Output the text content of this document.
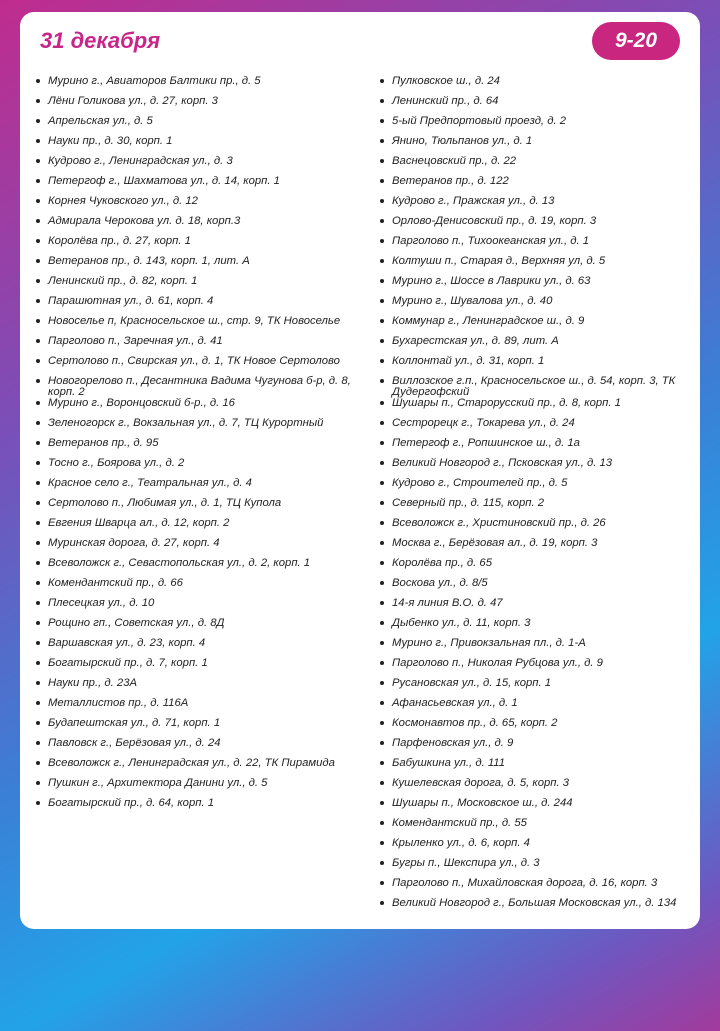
31 декабря	9-20
Мурино г., Авиаторов Балтики пр., д. 5
Лёни Голикова ул., д. 27, корп. 3
Апрельская ул., д. 5
Науки пр., д. 30, корп. 1
Кудрово г., Ленинградская ул., д. 3
Петергоф г., Шахматова ул., д. 14, корп. 1
Корнея Чуковского ул., д. 12
Адмирала Черокова ул. д. 18, корп.3
Королёва пр., д. 27, корп. 1
Ветеранов пр., д. 143, корп. 1, лит. А
Ленинский пр., д. 82, корп. 1
Парашютная ул., д. 61, корп. 4
Новоселье п, Красносельское ш., стр. 9, ТК Новоселье
Парголово п., Заречная ул., д. 41
Сертолово п., Свирская ул., д. 1, ТК Новое Сертолово
Новогорелово п., Десантника Вадима Чугунова б-р, д. 8, корп. 2
Мурино г., Воронцовский б-р., д. 16
Зеленогорск г., Вокзальная ул., д. 7, ТЦ Курортный
Ветеранов пр., д. 95
Тосно г., Боярова ул., д. 2
Красное село г., Театральная ул., д. 4
Сертолово п., Любимая ул., д. 1, ТЦ Купола
Евгения Шварца ал., д. 12, корп. 2
Муринская дорога, д. 27, корп. 4
Всеволожск г., Севастопольская ул., д. 2, корп. 1
Комендантский пр., д. 66
Плесецкая ул., д. 10
Рощино гп., Советская ул., д. 8Д
Варшавская ул., д. 23, корп. 4
Богатырский пр., д. 7, корп. 1
Науки пр., д. 23А
Металлистов пр., д. 116А
Будапештская ул., д. 71, корп. 1
Павловск г., Берёзовая ул., д. 24
Всеволожск г., Ленинградская ул., д. 22, ТК Пирамида
Пушкин г., Архитектора Данини ул., д. 5
Богатырский пр., д. 64, корп. 1
Пулковское ш., д. 24
Ленинский пр., д. 64
5-ый Предпортовый проезд, д. 2
Янино, Тюльпанов ул., д. 1
Васнецовский пр., д. 22
Ветеранов пр., д. 122
Кудрово г., Пражская ул., д. 13
Орлово-Денисовский пр., д. 19, корп. 3
Парголово п., Тихоокеанская ул., д. 1
Колтуши п., Старая д., Верхняя ул, д. 5
Мурино г., Шоссе в Лаврики ул., д. 63
Мурино г., Шувалова ул., д. 40
Коммунар г., Ленинградское ш., д. 9
Бухарестская ул., д. 89, лит. А
Коллонтай ул., д. 31, корп. 1
Виллозское г.п., Красносельское ш., д. 54, корп. 3, ТК Дудергофский
Шушары п., Старорусский пр., д. 8, корп. 1
Сестрорецк г., Токарева ул., д. 24
Петергоф г., Ропшинское ш., д. 1а
Великий Новгород г., Псковская ул., д. 13
Кудрово г., Строителей пр., д. 5
Северный пр., д. 115, корп. 2
Всеволожск г., Христиновский пр., д. 26
Москва г., Берёзовая ал., д. 19, корп. 3
Королёва пр., д. 65
Воскова ул., д. 8/5
14-я линия В.О. д. 47
Дыбенко ул., д. 11, корп. 3
Мурино г., Привокзальная пл., д. 1-А
Парголово п., Николая Рубцова ул., д. 9
Русановская ул., д. 15, корп. 1
Афанасьевская ул., д. 1
Космонавтов пр., д. 65, корп. 2
Парфеновская ул., д. 9
Бабушкина ул., д. 111
Кушелевская дорога, д. 5, корп. 3
Шушары п., Московское ш., д. 244
Комендантский пр., д. 55
Крыленко ул., д. 6, корп. 4
Бугры п., Шекспира ул., д. 3
Парголово п., Михайловская дорога, д. 16, корп. 3
Великий Новгород г., Большая Московская ул., д. 134
